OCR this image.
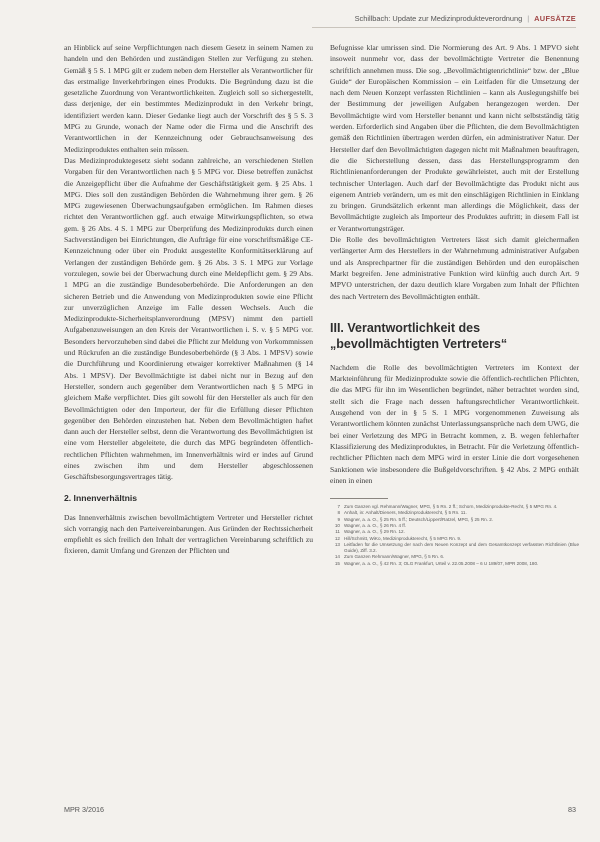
Schillbach: Update zur Medizinprodukteverordnung | AUFSÄTZE

an Hinblick auf seine Verpflichtungen nach diesem Gesetz in seinem Namen zu handeln und den Behörden und zuständigen Stellen zur Verfügung zu stehen. Gemäß § 5 S. 1 MPG gilt er zudem neben dem Hersteller als Verantwortlicher für das erstmalige Inverkehrbringen eines Produkts. Die Begründung dazu ist die gesetzliche Zuordnung von Verantwortlichkeiten. Zugleich soll so sichergestellt, dass derjenige, der ein bestimmtes Medizinprodukt in den Verkehr bringt, identifiziert werden kann. Dieser Gedanke liegt auch der Vorschrift des § 5 S. 3 MPG zu Grunde, wonach der Name oder die Firma und die Anschrift des Verantwortlichen in der Kennzeichnung oder Gebrauchsanweisung des Medizinproduktes enthalten sein müssen.

Das Medizinproduktegesetz sieht sodann zahlreiche, an verschiedenen Stellen Vorgaben für den Verantwortlichen nach § 5 MPG vor. Diese betreffen zunächst die Anzeigepflicht über die Aufnahme der Geschäftstätigkeit gem. § 25 Abs. 1 MPG. Dies soll den zuständigen Behörden die Wahrnehmung ihrer gem. § 26 MPG zugewiesenen Überwachungsaufgaben ermöglichen. Im Rahmen dieses richtet den Verantwortlichen ggf. auch etwaige Mitwirkungspflichten, so etwa gem. § 26 Abs. 4 S. 1 MPG zur Überprüfung des Medizinprodukts durch einen Sachverständigen bei Einrichtungen, die Aufträge für eine vorschriftsmäßige CE-Kennzeichnung oder über ein Produkt ausgestellte Konformitätserklärung auf Verlangen der zuständigen Behörde gem. § 26 Abs. 3 S. 1 MPG zur Vorlage vorzulegen, sowie bei der Überwachung durch eine Meldepflicht gem. § 29 Abs. 1 MPG an die zuständige Bundesoberbehörde. Die Anforderungen an den sicheren Betrieb und die Anwendung von Medizinprodukten sowie eine Pflicht zur unverzüglichen Anzeige im Falle dessen Wechsels. Auch die Medizinprodukte-Sicherheitsplanverordnung (MPSV) nimmt den partiell Aufgabenzuweisungen an den Kreis der Verantwortlichen i. S. v. § 5 MPG vor. Besonders hervorzuheben sind dabei die Pflicht zur Meldung von Vorkommnissen und Rückrufen an die zuständige Bundesoberbehörde (§ 3 Abs. 1 MPSV) sowie die Durchführung und Koordinierung etwaiger korrektiver Maßnahmen (§ 14 Abs. 1 MPSV). Der Bevollmächtigte ist dabei nicht nur in Bezug auf den Hersteller, sondern auch gegenüber dem Verantwortlichen nach § 5 MPG in gleichem Maße verpflichtet. Dies gilt sowohl für den Hersteller als auch für den Bevollmächtigten oder den Importeur, der für die Erfüllung dieser Pflichten gegenüber den Behörden einzustehen hat. Neben dem Bevollmächtigten haftet dann auch der Hersteller selbst, denn die Verantwortung des Bevollmächtigten ist eine vom Hersteller abgeleitete, die durch das MPG begründeten öffentlich-rechtlichen Pflichten wahrnehmen, im Innenverhältnis wird er indes auf Grund eines zwischen ihm und dem Hersteller abgeschlossenen Geschäftsbesorgungsvertrages tätig.

2. Innenverhältnis

Das Innenverhältnis zwischen bevollmächtigtem Vertreter und Hersteller richtet sich vorrangig nach den Parteivereinbarungen. Aus Gründen der Rechtssicherheit empfiehlt es sich freilich den Inhalt der vertraglichen Vereinbarung schriftlich zu fixieren, damit Umfang und Grenzen der Pflichten und

Befugnisse klar umrissen sind. Die Normierung des Art. 9 Abs. 1 MPVO sieht insoweit nunmehr vor, dass der bevollmächtigte Vertreter die Benennung schriftlich annehmen muss. Die sog. „Bevollmächtigtenrichtlinie“ bzw. der „Blue Guide“ der Europäischen Kommission – ein Leitfaden für die Umsetzung der nach dem Neuen Konzept verfassten Richtlinien – kann als Auslegungshilfe bei der Bestimmung der jeweiligen Aufgaben herangezogen werden. Der Bevollmächtigte wird vom Hersteller benannt und kann nicht selbstständig tätig werden. Erforderlich sind Angaben über die Pflichten, die dem Bevollmächtigten gemäß den Richtlinien übertragen werden dürfen, ein administrativer Natur. Der Hersteller darf den Bevollmächtigten dagegen nicht mit Maßnahmen beauftragen, die die Sicherstellung dessen, dass das Herstellungsprogramm den Richtlinienanforderungen der Produkte gewährleistet, auch mit der Erstellung technischer Unterlagen. Auch darf der Bevollmächtigte das Produkt nicht aus eigenem Antrieb verändern, um es mit den einschlägigen Richtlinien in Einklang zu bringen. Grundsätzlich erkennt man allerdings die Möglichkeit, dass der Bevollmächtigte zugleich als Importeur des Produktes auftritt; in diesem Fall ist er Verantwortungsträger.

Die Rolle des bevollmächtigten Vertreters lässt sich damit gleichermaßen verlängerter Arm des Herstellers in der Wahrnehmung administrativer Aufgaben und als Ansprechpartner für die zuständigen Behörden und den europäischen Markt begreifen. Jene administrative Funktion wird künftig auch durch Art. 9 MPVO unterstrichen, der dazu deutlich klare Vorgaben zum Inhalt der Pflichten des nach Vertretern des Bevollmächtigten enthält.

III. Verantwortlichkeit des
„bevollmächtigten Vertreters“

Nachdem die Rolle des bevollmächtigten Vertreters im Kontext der Markteinführung für Medizinprodukte sowie die öffentlich-rechtlichen Pflichten, die das MPG für ihn im Wesentlichen begründet, näher betrachtet worden sind, stellt sich die Frage nach dessen haftungsrechtlicher Verantwortlichkeit. Ausgehend von der in § 5 S. 1 MPG vorgenommenen Zuweisung als Verantwortlichem könnten zunächst Unterlassungsansprüche nach dem UWG, die bei einer Verletzung des MPG in Betracht kommen, z. B. wegen fehlerhafter Klassifizierung des Medizinproduktes, in Betracht. Für die Verletzung öffentlich-rechtlicher Pflichten nach dem MPG wird in erster Linie die dort vorgesehenen Sanktionen wie insbesondere die Bußgeldvorschriften. § 42 Abs. 2 MPG enthält einen in einen

7 Zum Ganzen vgl. Rehmann/Wagner, MPG, § 5 Rn. 2 ff.; Schorn, Medizinprodukte-Recht, § 5 MPG Rn. 4.
8 Anhalt, in: Anhalt/Dieners, Medizinprodukterecht, § 5 Rn. 11.
9 Wagner, a. a. O., § 25 Rn. 5 ff.; Deutsch/Lippert/Ratzel, MPG, § 25 Rn. 2.
10 Wagner, a. a. O., § 26 Rn. 4 ff.
11 Wagner, a. a. O., § 29 Rn. 12.
12 Hill/Schmitt, WiKo, Medizinprodukterecht, § 5 MPG Rn. 9.
13 Leitfaden für die Umsetzung der nach dem Neuen Konzept und dem Gesamtkonzept verfassten Richtlinien (Blue Guide), Ziff. 3.2.
14 Zum Ganzen Rehmann/Wagner, MPG, § 5 Rn. 6.
15 Wagner, a. a. O., § 42 Rn. 3; OLG Frankfurt, Urteil v. 22.05.2008 – 6 U 189/07, MPR 2008, 180.
MPR 3/2016	83
